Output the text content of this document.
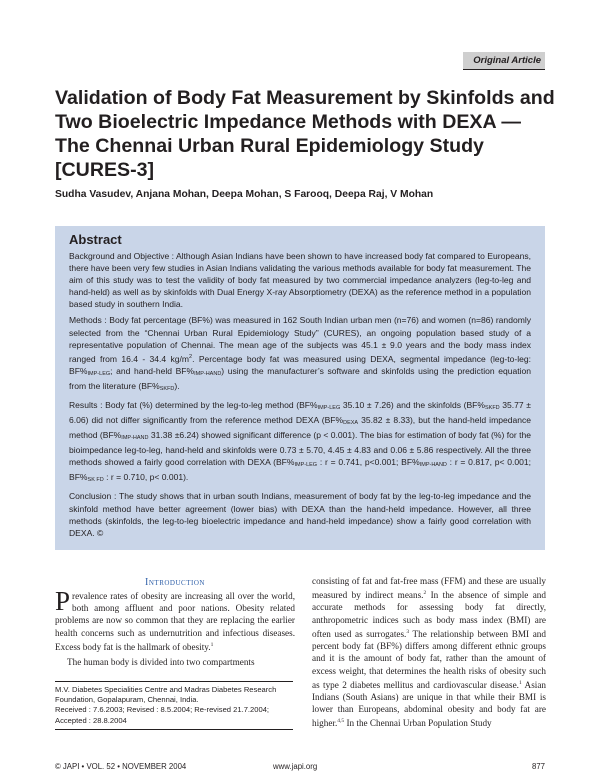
Original Article
Validation of Body Fat Measurement by Skinfolds and Two Bioelectric Impedance Methods with DEXA — The Chennai Urban Rural Epidemiology Study [CURES-3]
Sudha Vasudev, Anjana Mohan, Deepa Mohan, S Farooq, Deepa Raj, V Mohan
Abstract

Background and Objective : Although Asian Indians have been shown to have increased body fat compared to Europeans, there have been very few studies in Asian Indians validating the various methods available for body fat measurement. The aim of this study was to test the validity of body fat measured by two commercial impedance analyzers (leg-to-leg and hand-held) as well as by skinfolds with Dual Energy X-ray Absorptiometry (DEXA) as the reference method in a population based study in southern India.

Methods : Body fat percentage (BF%) was measured in 162 South Indian urban men (n=76) and women (n=86) randomly selected from the “Chennai Urban Rural Epidemiology Study” (CURES), an ongoing population based study of a representative population of Chennai. The mean age of the subjects was 45.1 ± 9.0 years and the body mass index ranged from 16.4 - 34.4 $kg/m^2$. Percentage body fat was measured using DEXA, segmental impedance (leg-to-leg: $BF\%_{IMP-LEG}$; and hand-held $BF\%_{IMP-HAND}$) using the manufacturer’s software and skinfolds using the prediction equation from the literature $(BF\%_{SKFD})$.

Results : Body fat (%) determined by the leg-to-leg method ($BF\%_{IMP-LEG}$ 35.10 ± 7.26) and the skinfolds ($BF\%_{SKFD}$ 35.77 ± 6.06) did not differ significantly from the reference method DEXA ($BF\%_{DEXA}$ 35.82 ± 8.33), but the hand-held impedance method ($BF\%_{IMP-HAND}$ 31.38 ±6.24) showed significant difference (p < 0.001). The bias for estimation of body fat (%) for the bioimpedance leg-to-leg, hand-held and skinfolds were 0.73 ± 5.70, 4.45 ± 4.83 and 0.06 ± 5.86 respectively. All the three methods showed a fairly good correlation with DEXA ($BF\%_{IMP-LEG}$ : r = 0.741, p<0.001; $BF\%_{IMP-HAND}$ : r = 0.817, p< 0.001; $BF\%_{SK FD}$ : r = 0.710, p< 0.001).

Conclusion : The study shows that in urban south Indians, measurement of body fat by the leg-to-leg impedance and the skinfold method have better agreement (lower bias) with DEXA than the hand-held impedance. However, all three methods (skinfolds, the leg-to-leg bioelectric impedance and hand-held impedance) show a fairly good correlation with DEXA. ©

Introduction

Prevalence rates of obesity are increasing all over the world, both among affluent and poor nations. Obesity related problems are now so common that they are replacing the earlier health concerns such as undernutrition and infectious diseases. Excess body fat is the hallmark of obesity.$^1$

The human body is divided into two compartments

consisting of fat and fat-free mass (FFM) and these are usually measured by indirect means.$^2$ In the absence of simple and accurate methods for assessing body fat directly, anthropometric indices such as body mass index (BMI) are often used as surrogates.$^3$ The relationship between BMI and percent body fat (BF%) differs among different ethnic groups and it is the amount of body fat, rather than the amount of excess weight, that determines the health risks of obesity such as type 2 diabetes mellitus and cardiovascular disease.$^1$ Asian Indians (South Asians) are unique in that while their BMI is lower than Europeans, abdominal obesity and body fat are higher.$^{4,5}$ In the Chennai Urban Population Study

M.V. Diabetes Specialities Centre and Madras Diabetes Research Foundation, Gopalapuram, Chennai, India.
Received : 7.6.2003; Revised : 8.5.2004; Re-revised 21.7.2004; Accepted : 28.8.2004
© JAPI • VOL. 52 • NOVEMBER 2004	www.japi.org	877
